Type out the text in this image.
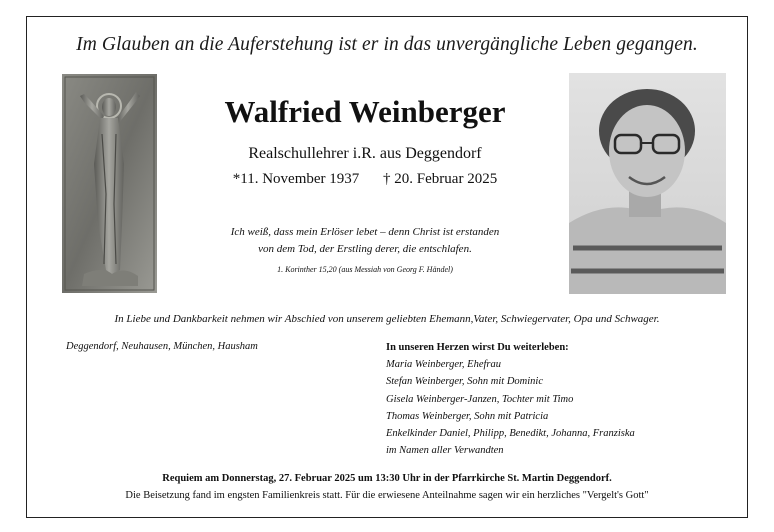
Im Glauben an die Auferstehung ist er in das unvergängliche Leben gegangen.
Walfried Weinberger
Realschullehrer i.R. aus Deggendorf
*11. November 1937 † 20. Februar 2025
Ich weiß, dass mein Erlöser lebet – denn Christ ist erstanden
von dem Tod, der Erstling derer, die entschlafen.
1. Korinther 15,20 (aus Messiah von Georg F. Händel)
In Liebe und Dankbarkeit nehmen wir Abschied von unserem geliebten Ehemann,Vater, Schwiegervater, Opa und Schwager.
Deggendorf, Neuhausen, München, Hausham	In unseren Herzen wirst Du weiterleben:
Maria Weinberger, Ehefrau
Stefan Weinberger, Sohn mit Dominic
Gisela Weinberger-Janzen, Tochter mit Timo
Thomas Weinberger, Sohn mit Patricia
Enkelkinder Daniel, Philipp, Benedikt, Johanna, Franziska
im Namen aller Verwandten
Requiem am Donnerstag, 27. Februar 2025 um 13:30 Uhr in der Pfarrkirche St. Martin Deggendorf.
Die Beisetzung fand im engsten Familienkreis statt. Für die erwiesene Anteilnahme sagen wir ein herzliches "Vergelt's Gott"
